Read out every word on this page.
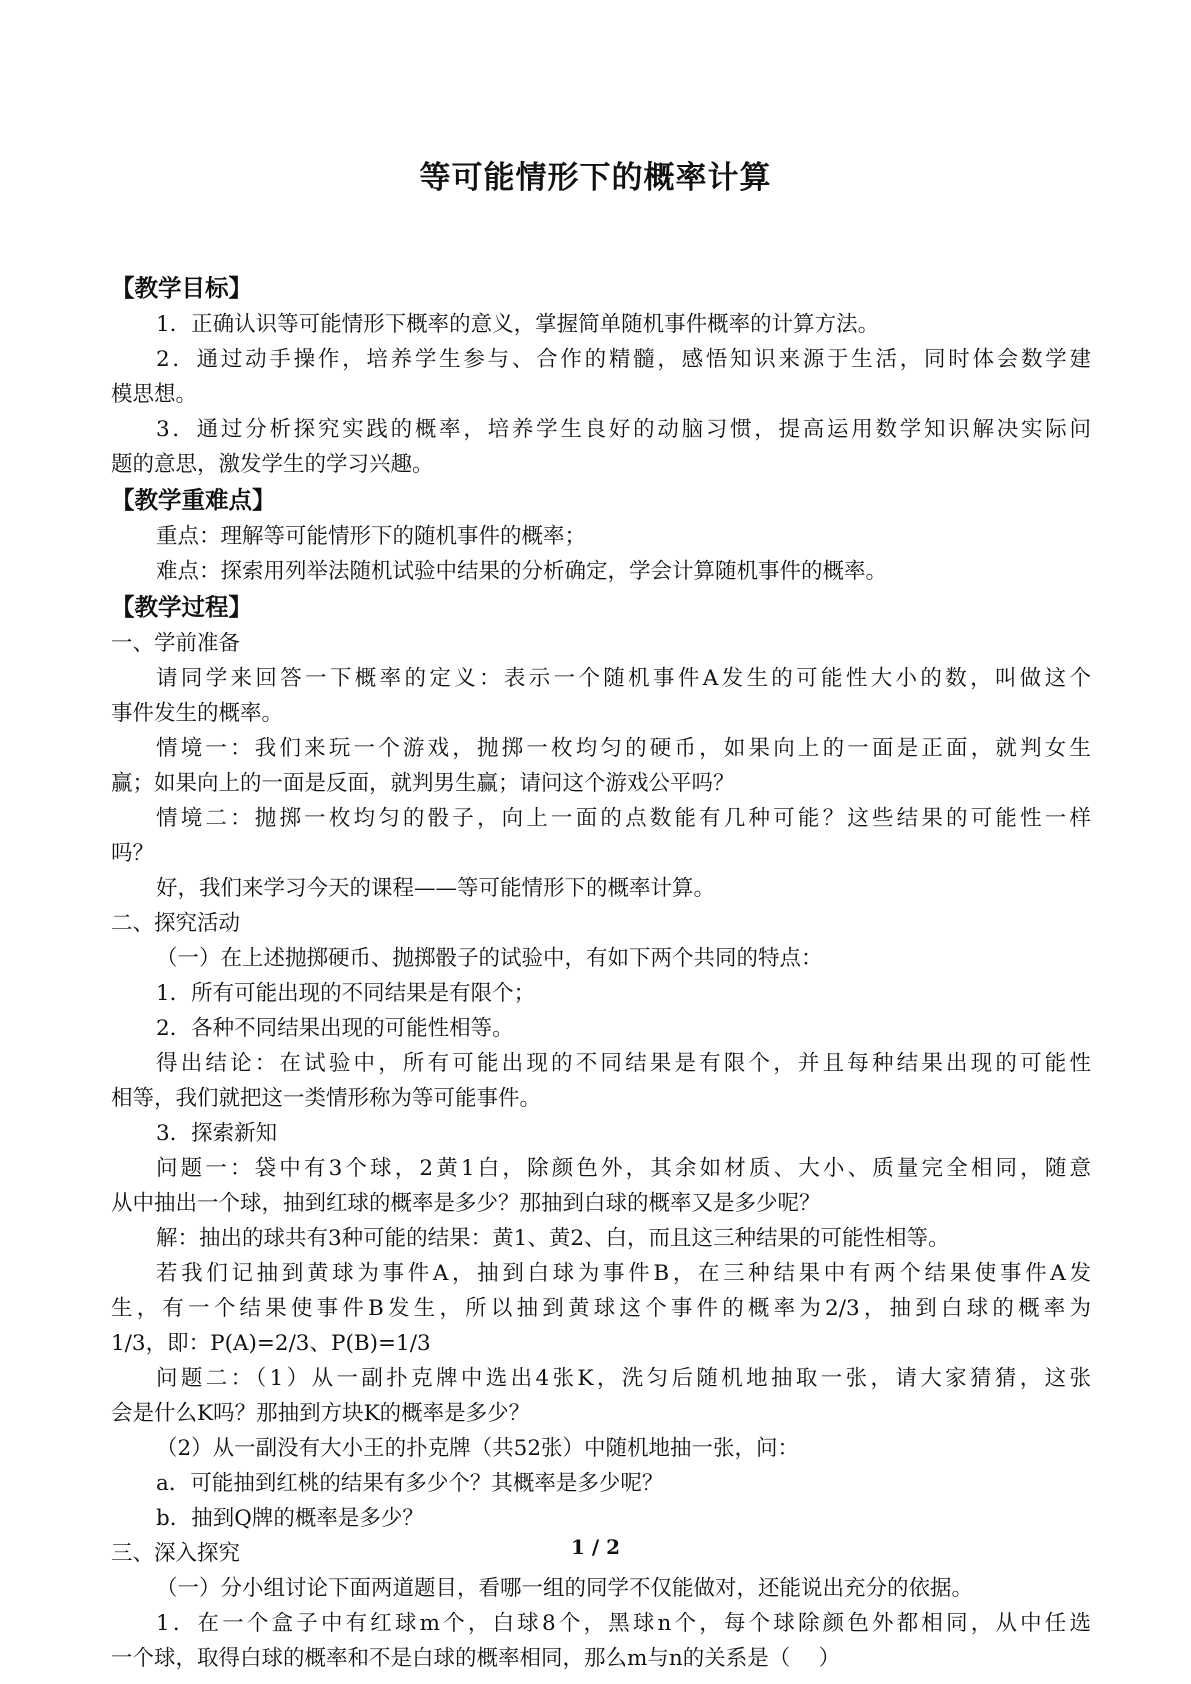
等可能情形下的概率计算
【教学目标】
1．正确认识等可能情形下概率的意义，掌握简单随机事件概率的计算方法。
2．通过动手操作，培养学生参与、合作的精髓，感悟知识来源于生活，同时体会数学建
模思想。
3．通过分析探究实践的概率，培养学生良好的动脑习惯，提高运用数学知识解决实际问
题的意思，激发学生的学习兴趣。
【教学重难点】
重点：理解等可能情形下的随机事件的概率；
难点：探索用列举法随机试验中结果的分析确定，学会计算随机事件的概率。
【教学过程】
一、学前准备
请同学来回答一下概率的定义：表示一个随机事件A发生的可能性大小的数，叫做这个
事件发生的概率。
情境一：我们来玩一个游戏，抛掷一枚均匀的硬币，如果向上的一面是正面，就判女生
赢；如果向上的一面是反面，就判男生赢；请问这个游戏公平吗？
情境二：抛掷一枚均匀的骰子，向上一面的点数能有几种可能？这些结果的可能性一样
吗？
好，我们来学习今天的课程——等可能情形下的概率计算。
二、探究活动
（一）在上述抛掷硬币、抛掷骰子的试验中，有如下两个共同的特点：
1．所有可能出现的不同结果是有限个；
2．各种不同结果出现的可能性相等。
得出结论：在试验中，所有可能出现的不同结果是有限个，并且每种结果出现的可能性
相等，我们就把这一类情形称为等可能事件。
3．探索新知
问题一：袋中有3个球，2黄1白，除颜色外，其余如材质、大小、质量完全相同，随意
从中抽出一个球，抽到红球的概率是多少？那抽到白球的概率又是多少呢？
解：抽出的球共有3种可能的结果：黄1、黄2、白，而且这三种结果的可能性相等。
若我们记抽到黄球为事件A，抽到白球为事件B，在三种结果中有两个结果使事件A发
生，有一个结果使事件B发生，所以抽到黄球这个事件的概率为2/3，抽到白球的概率为
1/3，即：P(A)=2/3、P(B)=1/3
问题二：（1）从一副扑克牌中选出4张K，洗匀后随机地抽取一张，请大家猜猜，这张
会是什么K吗？那抽到方块K的概率是多少？
（2）从一副没有大小王的扑克牌（共52张）中随机地抽一张，问：
a．可能抽到红桃的结果有多少个？其概率是多少呢？
b．抽到Q牌的概率是多少？
三、深入探究
（一）分小组讨论下面两道题目，看哪一组的同学不仅能做对，还能说出充分的依据。
1．在一个盒子中有红球m个，白球8个，黑球n个，每个球除颜色外都相同，从中任选
一个球，取得白球的概率和不是白球的概率相同，那么m与n的关系是（　 ）
1 / 2
